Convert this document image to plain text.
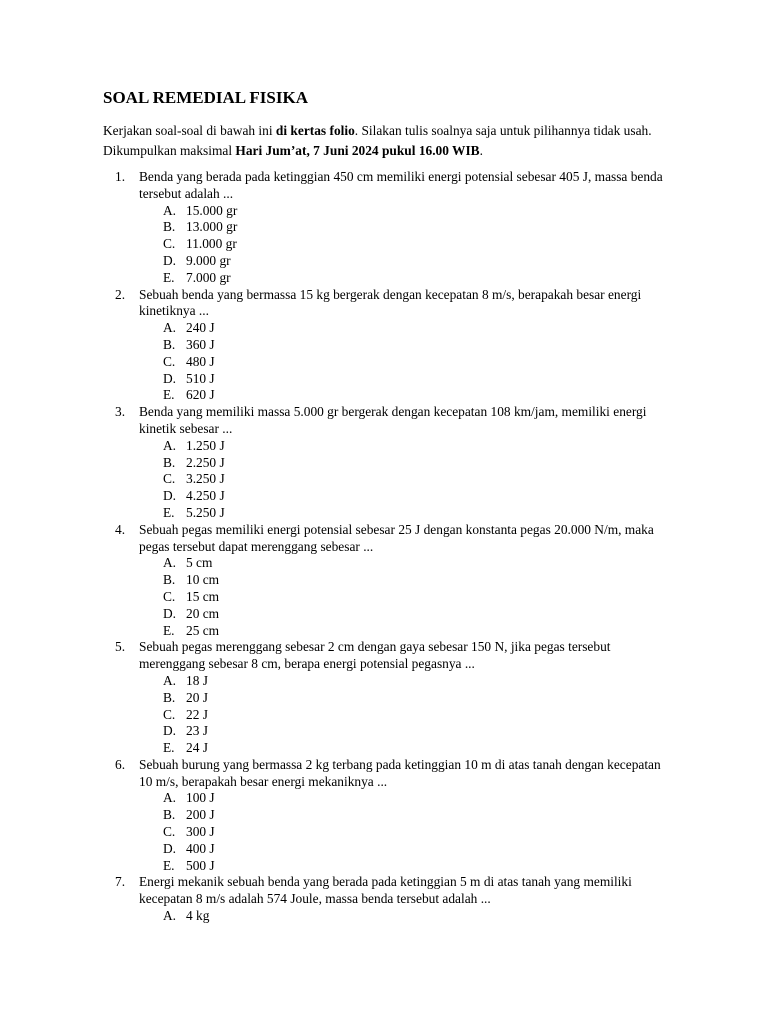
SOAL REMEDIAL FISIKA

Kerjakan soal-soal di bawah ini di kertas folio. Silakan tulis soalnya saja untuk pilihannya tidak usah. Dikumpulkan maksimal Hari Jum’at, 7 Juni 2024 pukul 16.00 WIB.

1. Benda yang berada pada ketinggian 450 cm memiliki energi potensial sebesar 405 J, massa benda tersebut adalah ...
A. 15.000 gr
B. 13.000 gr
C. 11.000 gr
D. 9.000 gr
E. 7.000 gr
2. Sebuah benda yang bermassa 15 kg bergerak dengan kecepatan 8 m/s, berapakah besar energi kinetiknya ...
A. 240 J
B. 360 J
C. 480 J
D. 510 J
E. 620 J
3. Benda yang memiliki massa 5.000 gr bergerak dengan kecepatan 108 km/jam, memiliki energi kinetik sebesar ...
A. 1.250 J
B. 2.250 J
C. 3.250 J
D. 4.250 J
E. 5.250 J
4. Sebuah pegas memiliki energi potensial sebesar 25 J dengan konstanta pegas 20.000 N/m, maka pegas tersebut dapat merenggang sebesar ...
A. 5 cm
B. 10 cm
C. 15 cm
D. 20 cm
E. 25 cm
5. Sebuah pegas merenggang sebesar 2 cm dengan gaya sebesar 150 N, jika pegas tersebut merenggang sebesar 8 cm, berapa energi potensial pegasnya ...
A. 18 J
B. 20 J
C. 22 J
D. 23 J
E. 24 J
6. Sebuah burung yang bermassa 2 kg terbang pada ketinggian 10 m di atas tanah dengan kecepatan 10 m/s, berapakah besar energi mekaniknya ...
A. 100 J
B. 200 J
C. 300 J
D. 400 J
E. 500 J
7. Energi mekanik sebuah benda yang berada pada ketinggian 5 m di atas tanah yang memiliki kecepatan 8 m/s adalah 574 Joule, massa benda tersebut adalah ...
A. 4 kg
